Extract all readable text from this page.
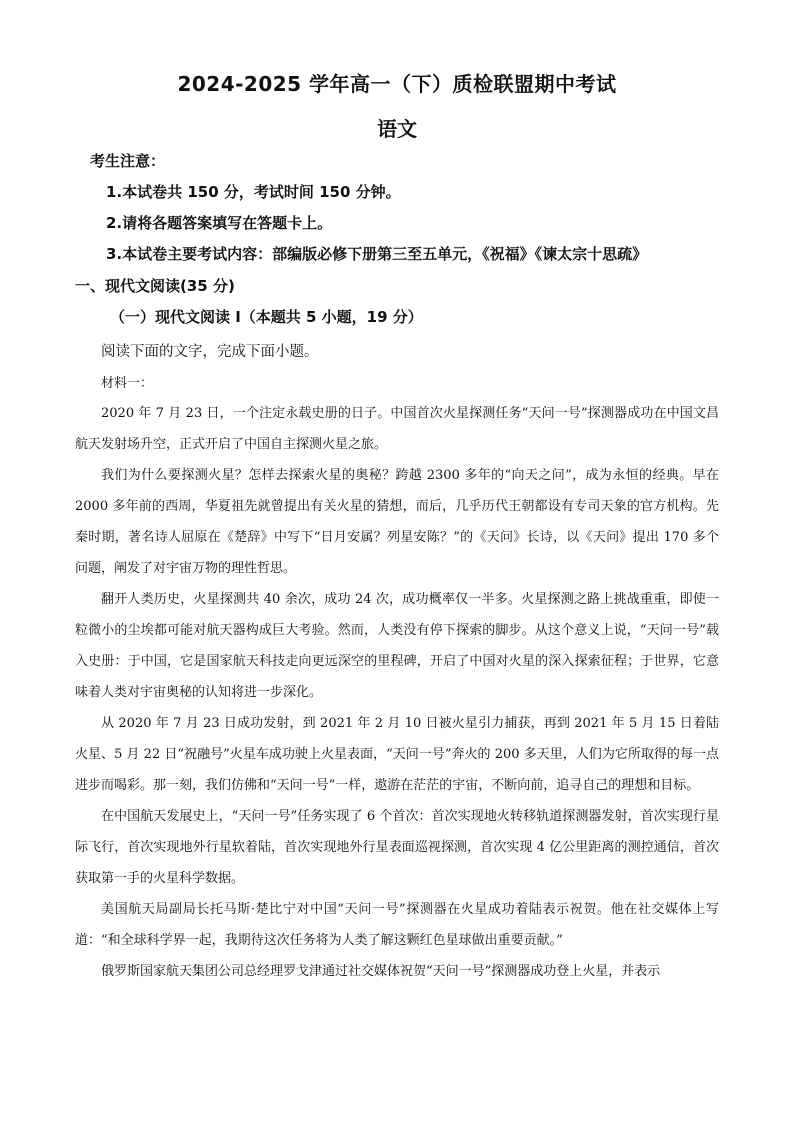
2024-2025 学年高一（下）质检联盟期中考试
语文
考生注意：
1.本试卷共 150 分，考试时间 150 分钟。
2.请将各题答案填写在答题卡上。
3.本试卷主要考试内容：部编版必修下册第三至五单元，《祝福》《谏太宗十思疏》
一、现代文阅读(35 分)
（一）现代文阅读 I（本题共 5 小题，19 分）
阅读下面的文字，完成下面小题。
材料一：

2020 年 7 月 23 日，一个注定永载史册的日子。中国首次火星探测任务“天问一号”探测器成功在中国文昌航天发射场升空，正式开启了中国自主探测火星之旅。

我们为什么要探测火星？怎样去探索火星的奥秘？跨越 2300 多年的“向天之问”，成为永恒的经典。早在 2000 多年前的西周，华夏祖先就曾提出有关火星的猜想，而后，几乎历代王朝都设有专司天象的官方机构。先秦时期，著名诗人屈原在《楚辞》中写下“日月安属？列星安陈？”的《天问》长诗，以《天问》提出 170 多个问题，阐发了对宇宙万物的理性哲思。

翻开人类历史，火星探测共 40 余次，成功 24 次，成功概率仅一半多。火星探测之路上挑战重重，即使一粒微小的尘埃都可能对航天器构成巨大考验。然而，人类没有停下探索的脚步。从这个意义上说，“天问一号”载入史册：于中国，它是国家航天科技走向更远深空的里程碑，开启了中国对火星的深入探索征程；于世界，它意味着人类对宇宙奥秘的认知将进一步深化。

从 2020 年 7 月 23 日成功发射，到 2021 年 2 月 10 日被火星引力捕获，再到 2021 年 5 月 15 日着陆火星、5 月 22 日“祝融号”火星车成功驶上火星表面，“天问一号”奔火的 200 多天里，人们为它所取得的每一点进步而喝彩。那一刻，我们仿佛和“天问一号”一样，遨游在茫茫的宇宙，不断向前，追寻自己的理想和目标。

在中国航天发展史上，“天问一号”任务实现了 6 个首次：首次实现地火转移轨道探测器发射，首次实现行星际飞行，首次实现地外行星软着陆，首次实现地外行星表面巡视探测，首次实现 4 亿公里距离的测控通信，首次获取第一手的火星科学数据。

美国航天局副局长托马斯·楚比宁对中国“天问一号”探测器在火星成功着陆表示祝贺。他在社交媒体上写道：“和全球科学界一起，我期待这次任务将为人类了解这颗红色星球做出重要贡献。”

俄罗斯国家航天集团公司总经理罗戈津通过社交媒体祝贺“天问一号”探测器成功登上火星，并表示
